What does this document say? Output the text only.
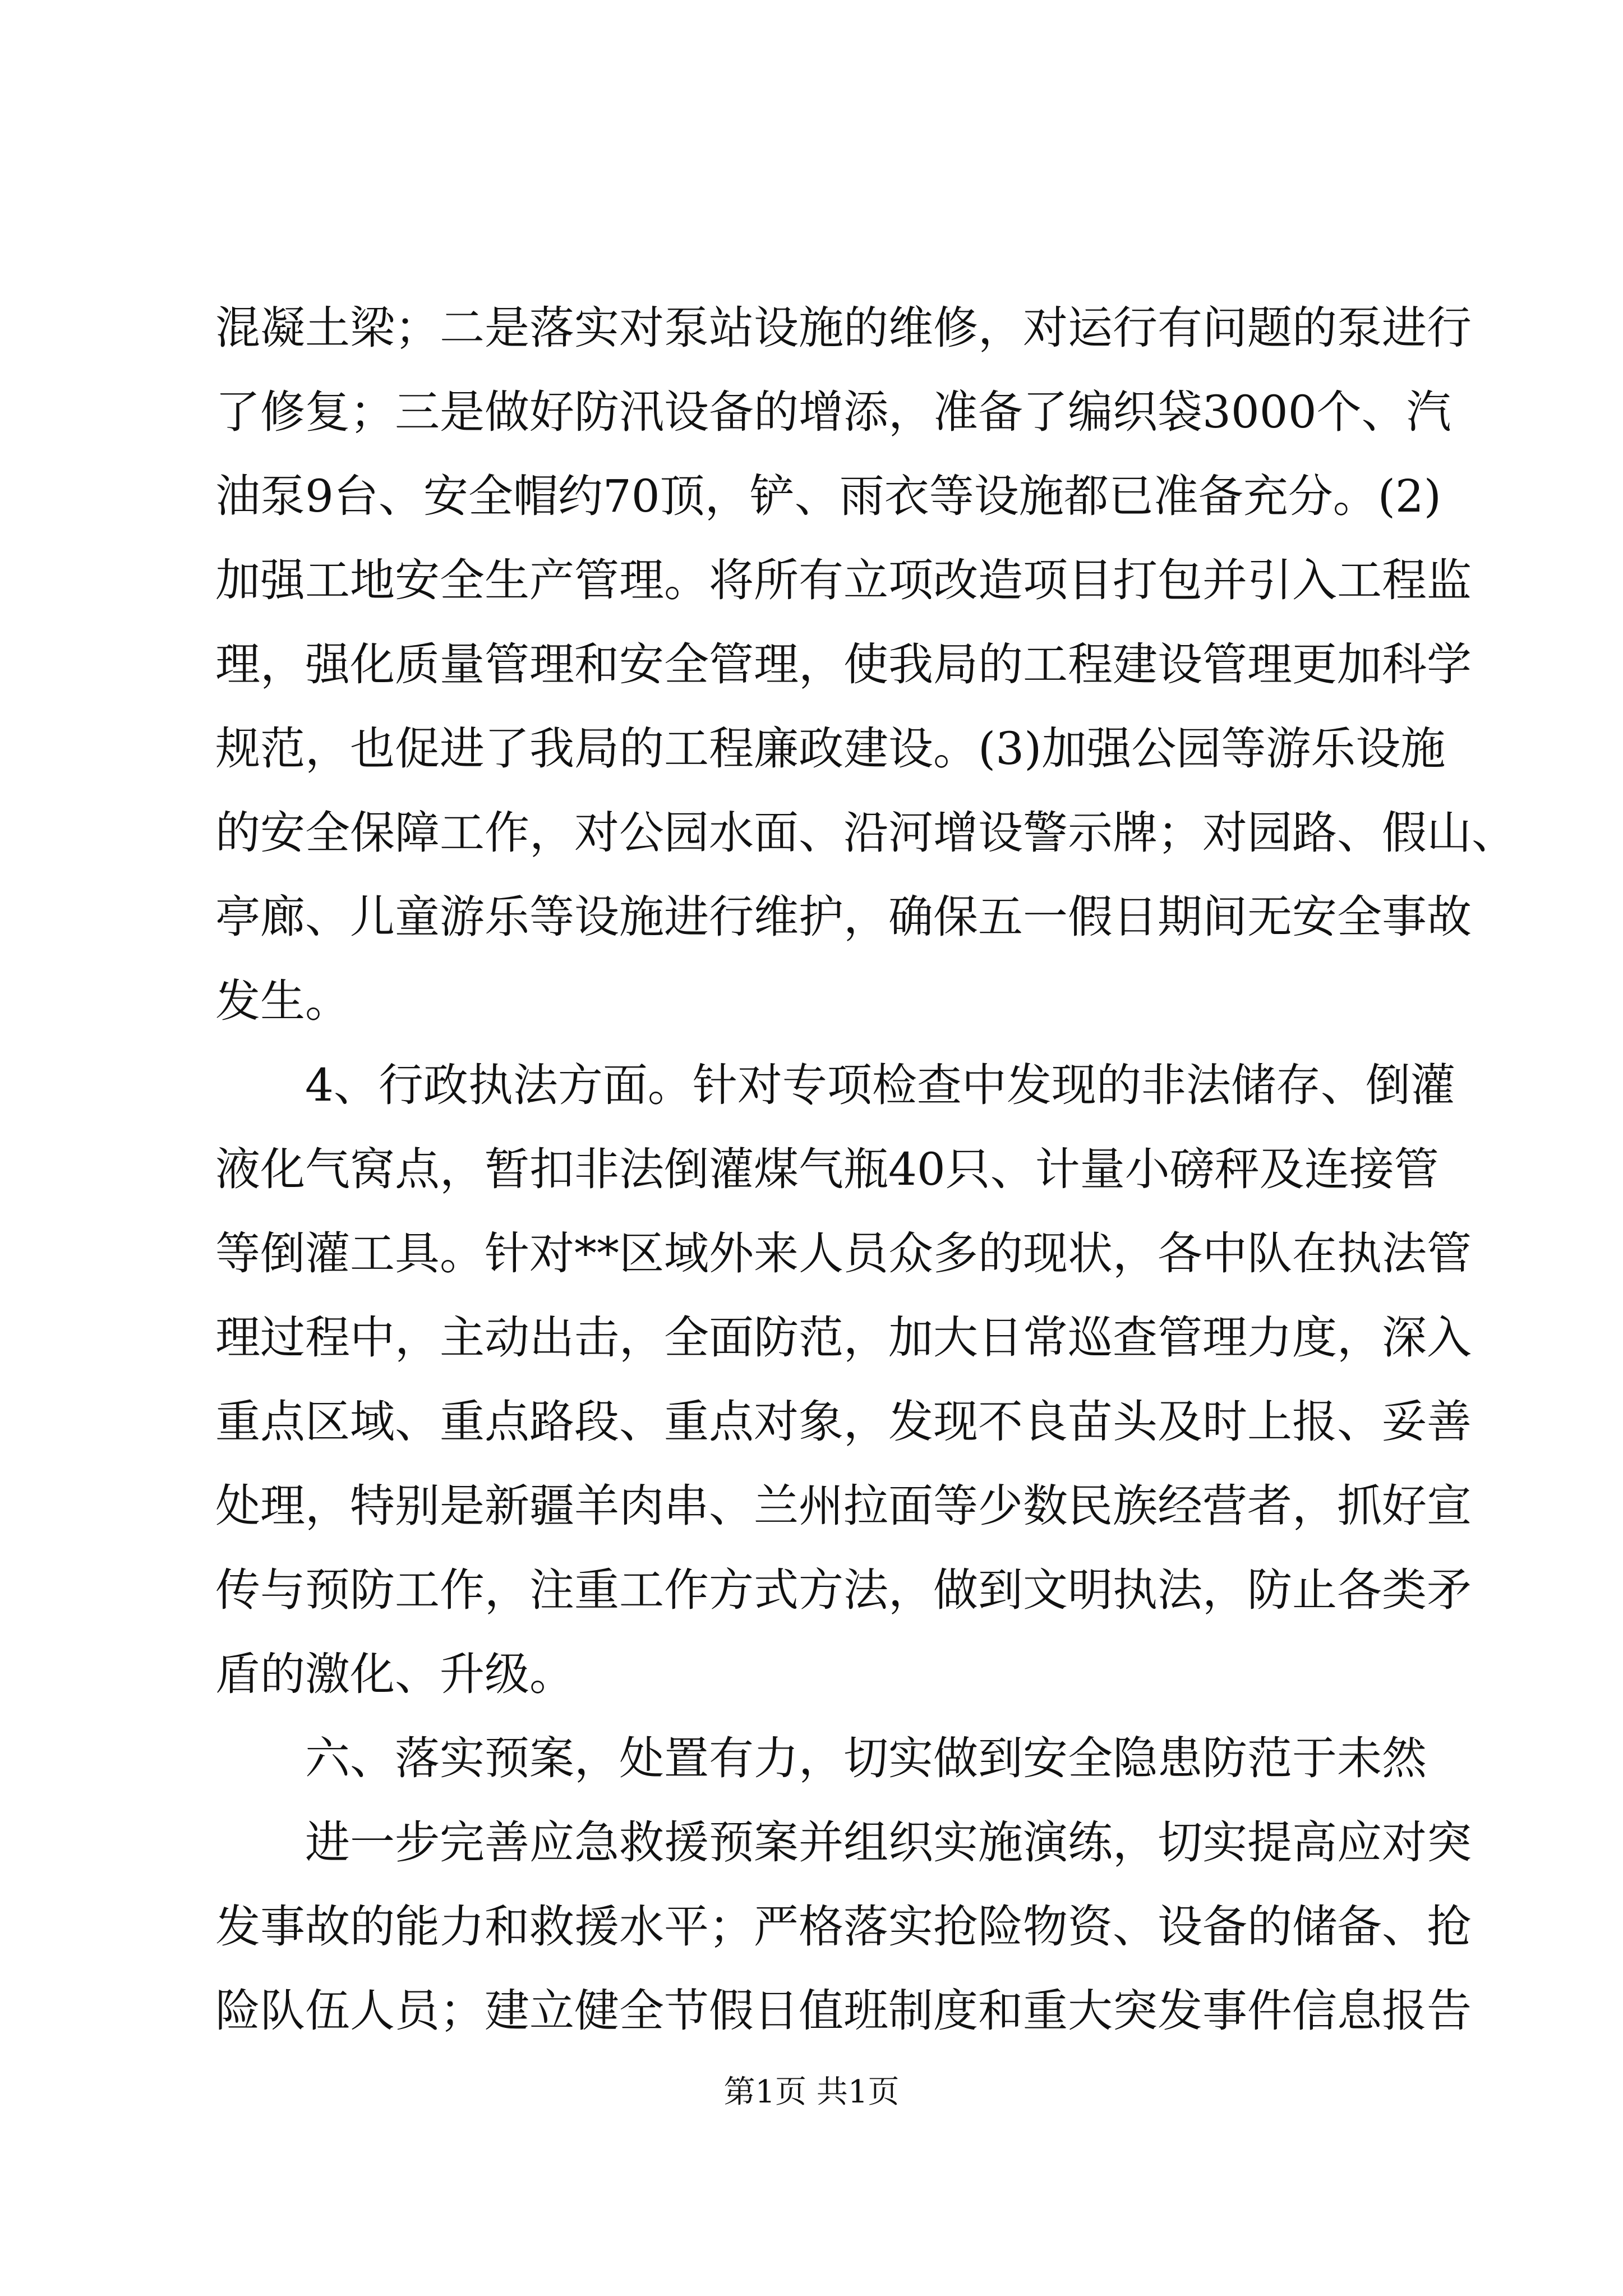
混凝土梁；二是落实对泵站设施的维修，对运行有问题的泵进行
了修复；三是做好防汛设备的增添，准备了编织袋3000个、汽
油泵9台、安全帽约70顶，铲、雨衣等设施都已准备充分。(2)
加强工地安全生产管理。将所有立项改造项目打包并引入工程监
理，强化质量管理和安全管理，使我局的工程建设管理更加科学
规范，也促进了我局的工程廉政建设。(3)加强公园等游乐设施
的安全保障工作，对公园水面、沿河增设警示牌；对园路、假山、
亭廊、儿童游乐等设施进行维护，确保五一假日期间无安全事故
发生。
4、行政执法方面。针对专项检查中发现的非法储存、倒灌
液化气窝点，暂扣非法倒灌煤气瓶40只、计量小磅秤及连接管
等倒灌工具。针对**区域外来人员众多的现状，各中队在执法管
理过程中，主动出击，全面防范，加大日常巡查管理力度，深入
重点区域、重点路段、重点对象，发现不良苗头及时上报、妥善
处理，特别是新疆羊肉串、兰州拉面等少数民族经营者，抓好宣
传与预防工作，注重工作方式方法，做到文明执法，防止各类矛
盾的激化、升级。
六、落实预案，处置有力，切实做到安全隐患防范于未然
进一步完善应急救援预案并组织实施演练，切实提高应对突
发事故的能力和救援水平；严格落实抢险物资、设备的储备、抢
险队伍人员；建立健全节假日值班制度和重大突发事件信息报告
第1页 共1页
